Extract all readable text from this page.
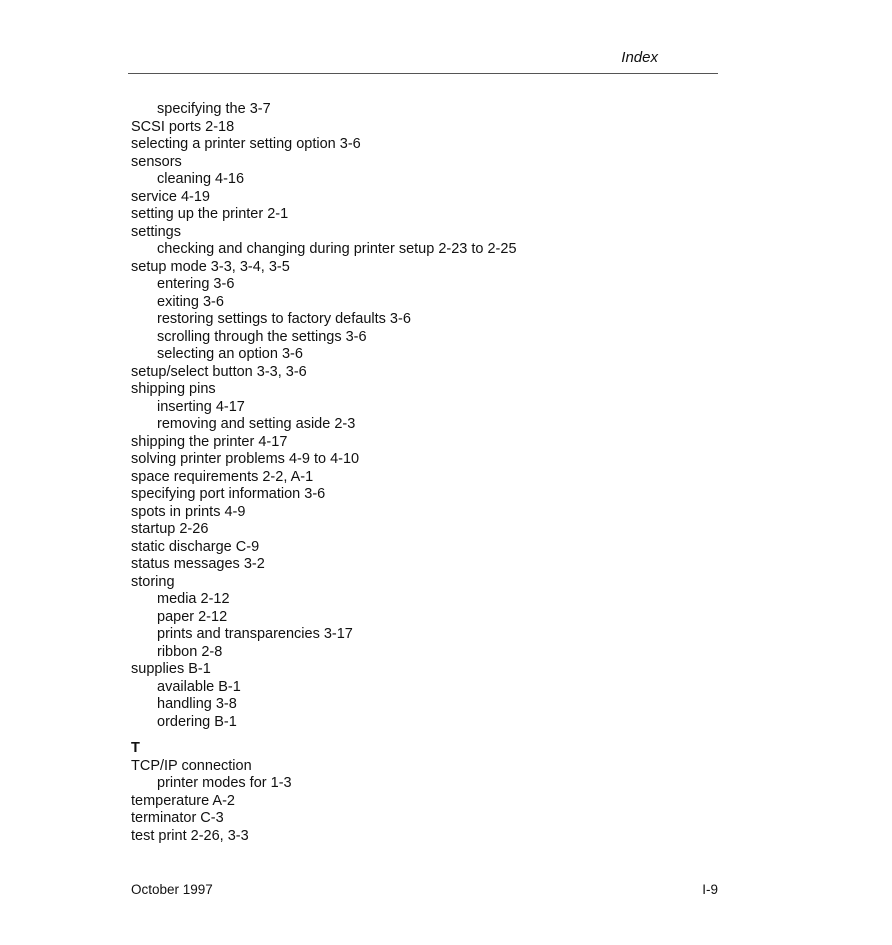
Index
specifying the 3-7
SCSI ports 2-18
selecting a printer setting option 3-6
sensors
cleaning 4-16
service 4-19
setting up the printer 2-1
settings
checking and changing during printer setup 2-23 to 2-25
setup mode 3-3, 3-4, 3-5
entering 3-6
exiting 3-6
restoring settings to factory defaults 3-6
scrolling through the settings 3-6
selecting an option 3-6
setup/select button 3-3, 3-6
shipping pins
inserting 4-17
removing and setting aside 2-3
shipping the printer 4-17
solving printer problems 4-9 to 4-10
space requirements 2-2, A-1
specifying port information 3-6
spots in prints 4-9
startup 2-26
static discharge C-9
status messages 3-2
storing
media 2-12
paper 2-12
prints and transparencies 3-17
ribbon 2-8
supplies B-1
available B-1
handling 3-8
ordering B-1
T
TCP/IP connection
printer modes for 1-3
temperature A-2
terminator C-3
test print 2-26, 3-3
October 1997	I-9
